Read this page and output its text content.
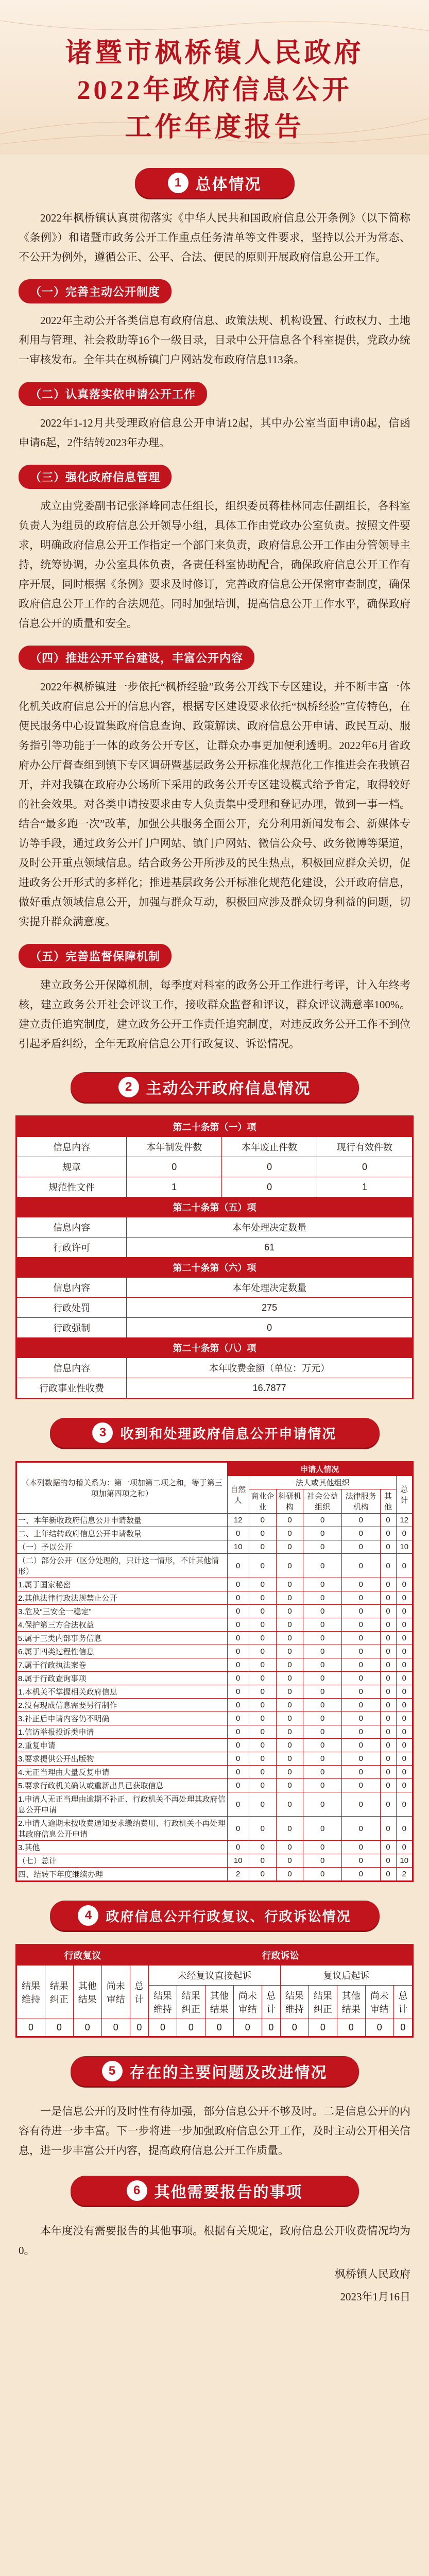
诸暨市枫桥镇人民政府
2022年政府信息公开
工作年度报告
1 总体情况

2022年枫桥镇认真贯彻落实《中华人民共和国政府信息公开条例》（以下简称《条例》）和诸暨市政务公开工作重点任务清单等文件要求，坚持以公开为常态、不公开为例外，遵循公正、公平、合法、便民的原则开展政府信息公开工作。

（一）完善主动公开制度

2022年主动公开各类信息有政府信息、政策法规、机构设置、行政权力、土地利用与管理、社会救助等16个一级目录，目录中公开信息各个科室提供，党政办统一审核发布。全年共在枫桥镇门户网站发布政府信息113条。

（二）认真落实依申请公开工作

2022年1-12月共受理政府信息公开申请12起，其中办公室当面申请0起，信函申请6起，2件结转2023年办理。

（三）强化政府信息管理

成立由党委副书记张泽峰同志任组长，组织委员蒋桂林同志任副组长，各科室负责人为组员的政府信息公开领导小组，具体工作由党政办公室负责。按照文件要求，明确政府信息公开工作指定一个部门来负责，政府信息公开工作由分管领导主持，统筹协调，办公室具体负责，各责任科室协助配合，确保政府信息公开工作有序开展，同时根据《条例》要求及时修订，完善政府信息公开保密审查制度，确保政府信息公开工作的合法规范。同时加强培训，提高信息公开工作水平，确保政府信息公开的质量和安全。

（四）推进公开平台建设，丰富公开内容

2022年枫桥镇进一步依托“枫桥经验”政务公开线下专区建设，并不断丰富一体化机关政府信息公开的信息内容，根据专区建设要求依托“枫桥经验”宣传特色，在便民服务中心设置集政府信息查询、政策解读、政府信息公开申请、政民互动、服务指引等功能于一体的政务公开专区，让群众办事更加便利透明。2022年6月省政府办公厅督查组到镇下专区调研暨基层政务公开标准化规范化工作推进会在我镇召开，并对我镇在政府办公场所下采用的政务公开专区建设模式给予肯定，取得较好的社会效果。对各类申请按要求由专人负责集中受理和登记办理，做到一事一档。结合“最多跑一次”改革，加强公共服务全面公开，充分利用新闻发布会、新媒体专访等手段，通过政务公开门户网站、镇门户网站、微信公众号、政务微博等渠道，及时公开重点领域信息。结合政务公开所涉及的民生热点，积极回应群众关切，促进政务公开形式的多样化；推进基层政务公开标准化规范化建设，公开政府信息，做好重点领域信息公开，加强与群众互动，积极回应涉及群众切身利益的问题，切实提升群众满意度。

（五）完善监督保障机制

建立政务公开保障机制，每季度对科室的政务公开工作进行考评，计入年终考核，建立政务公开社会评议工作，接收群众监督和评议，群众评议满意率100%。建立责任追究制度，建立政务公开工作责任追究制度，对违反政务公开工作不到位引起矛盾纠纷，全年无政府信息公开行政复议、诉讼情况。

2 主动公开政府信息情况
第二十条第（一）项			
信息内容	本年制发件数	本年废止件数	现行有效件数
规章	0	0	0
规范性文件	1	0	1
第二十条第（五）项			
信息内容	本年处理决定数量		
行政许可	61		
第二十条第（六）项			
信息内容	本年处理决定数量		
行政处罚	275		
行政强制	0		
第二十条第（八）项			
信息内容	本年收费金额（单位：万元）		
行政事业性收费	16.7877		
3	收到和处理政府信息公开申请情况
（本列数据的勾稽关系为：第一项加第二项之和，等于第三项加第四项之和）	申请人情况						
	自然人	法人或其他组织					总计
		商业企业	科研机构	社会公益组织	法律服务机构	其他	
一、本年新收政府信息公开申请数量	12	0	0	0	0	0	12
二、上年结转政府信息公开申请数量	0	0	0	0	0	0	0
（一）予以公开	10	0	0	0	0	0	10
（二）部分公开（区分处理的，只计这一情形，不计其他情形）	0	0	0	0	0	0	0
1.属于国家秘密	0	0	0	0	0	0	0
2.其他法律行政法规禁止公开	0	0	0	0	0	0	0
3.危及“三安全一稳定”	0	0	0	0	0	0	0
4.保护第三方合法权益	0	0	0	0	0	0	0
5.属于三类内部事务信息	0	0	0	0	0	0	0
6.属于四类过程性信息	0	0	0	0	0	0	0
7.属于行政执法案卷	0	0	0	0	0	0	0
8.属于行政查询事项	0	0	0	0	0	0	0
1.本机关不掌握相关政府信息	0	0	0	0	0	0	0
2.没有现成信息需要另行制作	0	0	0	0	0	0	0
3.补正后申请内容仍不明确	0	0	0	0	0	0	0
1.信访举报投诉类申请	0	0	0	0	0	0	0
2.重复申请	0	0	0	0	0	0	0
3.要求提供公开出版物	0	0	0	0	0	0	0
4.无正当理由大量反复申请	0	0	0	0	0	0	0
5.要求行政机关确认或重新出具已获取信息	0	0	0	0	0	0	0
1.申请人无正当理由逾期不补正、行政机关不再处理其政府信息公开申请	0	0	0	0	0	0	0
2.申请人逾期未按收费通知要求缴纳费用、行政机关不再处理其政府信息公开申请	0	0	0	0	0	0	0
3.其他	0	0	0	0	0	0	0
（七）总计	10	0	0	0	0	0	10
四、结转下年度继续办理	2	0	0	0	0	0	2
4	政府信息公开行政复议、行政诉讼情况
行政复议					行政诉讼									
结果维持	结果纠正	其他结果	尚未审结	总计	未经复议直接起诉					复议后起诉				
					结果维持	结果纠正	其他结果	尚未审结	总计	结果维持	结果纠正	其他结果	尚未审结	总计
0	0	0	0	0	0	0	0	0	0	0	0	0	0	0
5 存在的主要问题及改进情况

一是信息公开的及时性有待加强，部分信息公开不够及时。二是信息公开的内容有待进一步丰富。下一步将进一步加强政府信息公开工作，及时主动公开相关信息，进一步丰富公开内容，提高政府信息公开工作质量。

6 其他需要报告的事项

本年度没有需要报告的其他事项。根据有关规定，政府信息公开收费情况均为0。

枫桥镇人民政府
2023年1月16日
